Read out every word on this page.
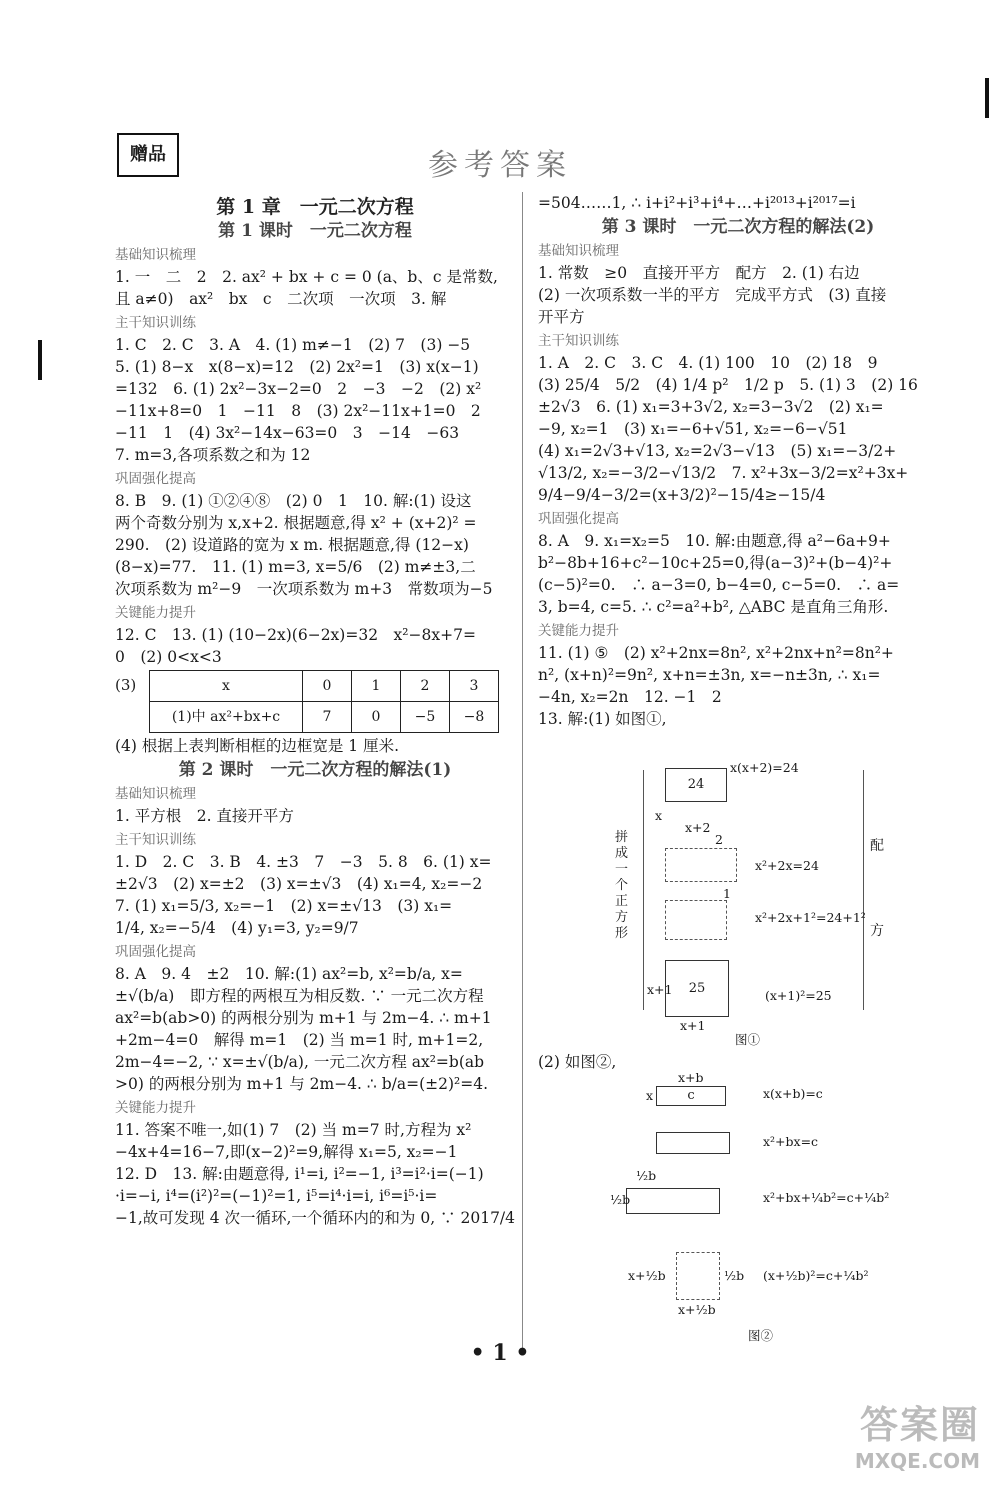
赠品	参考答案
第 1 章　一元二次方程
第 1 课时　一元二次方程
基础知识梳理
1. 一　二　2　2. ax² + bx + c = 0 (a、b、c 是常数,
且 a≠0)　ax²　bx　c　二次项　一次项　3. 解
主干知识训练
1. C　2. C　3. A　4. (1) m≠−1　(2) 7　(3) −5
5. (1) 8−x　x(8−x)=12　(2) 2x²=1　(3) x(x−1)
=132　6. (1) 2x²−3x−2=0　2　−3　−2　(2) x²
−11x+8=0　1　−11　8　(3) 2x²−11x+1=0　2
−11　1　(4) 3x²−14x−63=0　3　−14　−63
7. m=3,各项系数之和为 12
巩固强化提高
8. B　9. (1) ①②④⑧　(2) 0　1　10. 解:(1) 设这
两个奇数分别为 x,x+2. 根据题意,得 x² + (x+2)² =
290.　(2) 设道路的宽为 x m. 根据题意,得 (12−x)
(8−x)=77.　11. (1) m=3, x=5/6　(2) m≠±3,二
次项系数为 m²−9　一次项系数为 m+3　常数项为−5
关键能力提升
12. C　13. (1) (10−2x)(6−2x)=32　x²−8x+7=
0　(2) 0<x<3
(3)	x	0	1	2	3
(1)中 ax²+bx+c	7	0	−5	−8
(4) 根据上表判断相框的边框宽是 1 厘米.
第 2 课时　一元二次方程的解法(1)
基础知识梳理
1. 平方根　2. 直接开平方
主干知识训练
1. D　2. C　3. B　4. ±3　7　−3　5. 8　6. (1) x=
±2√3　(2) x=±2　(3) x=±√3　(4) x₁=4, x₂=−2
7. (1) x₁=5/3, x₂=−1　(2) x=±√13　(3) x₁=
1/4, x₂=−5/4　(4) y₁=3, y₂=9/7
巩固强化提高
8. A　9. 4　±2　10. 解:(1) ax²=b, x²=b/a, x=
±√(b/a)　即方程的两根互为相反数. ∵ 一元二次方程
ax²=b(ab>0) 的两根分别为 m+1 与 2m−4. ∴ m+1
+2m−4=0　解得 m=1　(2) 当 m=1 时, m+1=2,
2m−4=−2, ∵ x=±√(b/a), 一元二次方程 ax²=b(ab
>0) 的两根分别为 m+1 与 2m−4. ∴ b/a=(±2)²=4.
关键能力提升
11. 答案不唯一,如(1) 7　(2) 当 m=7 时,方程为 x²
−4x+4=16−7,即(x−2)²=9,解得 x₁=5, x₂=−1
12. D　13. 解:由题意得, i¹=i, i²=−1, i³=i²·i=(−1)
·i=−i, i⁴=(i²)²=(−1)²=1, i⁵=i⁴·i=i, i⁶=i⁵·i=
−1,故可发现 4 次一循环,一个循环内的和为 0, ∵ 2017/4
=504……1, ∴ i+i²+i³+i⁴+…+i²⁰¹³+i²⁰¹⁷=i
第 3 课时　一元二次方程的解法(2)
基础知识梳理
1. 常数　≥0　直接开平方　配方　2. (1) 右边
(2) 一次项系数一半的平方　完成平方式　(3) 直接
开平方
主干知识训练
1. A　2. C　3. C　4. (1) 100　10　(2) 18　9
(3) 25/4　5/2　(4) 1/4 p²　1/2 p　5. (1) 3　(2) 16
±2√3　6. (1) x₁=3+3√2, x₂=3−3√2　(2) x₁=
−9, x₂=1　(3) x₁=−6+√51, x₂=−6−√51
(4) x₁=2√3+√13, x₂=2√3−√13　(5) x₁=−3/2+
√13/2, x₂=−3/2−√13/2　7. x²+3x−3/2=x²+3x+
9/4−9/4−3/2=(x+3/2)²−15/4≥−15/4
巩固强化提高
8. A　9. x₁=x₂=5　10. 解:由题意,得 a²−6a+9+
b²−8b+16+c²−10c+25=0,得(a−3)²+(b−4)²+
(c−5)²=0.　∴ a−3=0, b−4=0, c−5=0.　∴ a=
3, b=4, c=5. ∴ c²=a²+b², △ABC 是直角三角形.
关键能力提升
11. (1) ⑤　(2) x²+2nx=8n², x²+2nx+n²=8n²+
n², (x+n)²=9n², x+n=±3n, x=−n±3n, ∴ x₁=
−4n, x₂=2n　12. −1　2
13. 解:(1) 如图①,
拼成一个正方形
配
方
24
x
x+2
x(x+2)=24
2
x²+2x=24
1
x²+2x+1²=24+1²
25
x+1
x+1
(x+1)²=25
图①
(2) 如图②,
x+b
c
x	x(x+b)=c
x²+bx=c
½b
½b	x²+bx+¼b²=c+¼b²
x+½b
x+½b
½b (x+½b)²=c+¼b²
图②
• 1 •
答案圈
MXQE.COM
